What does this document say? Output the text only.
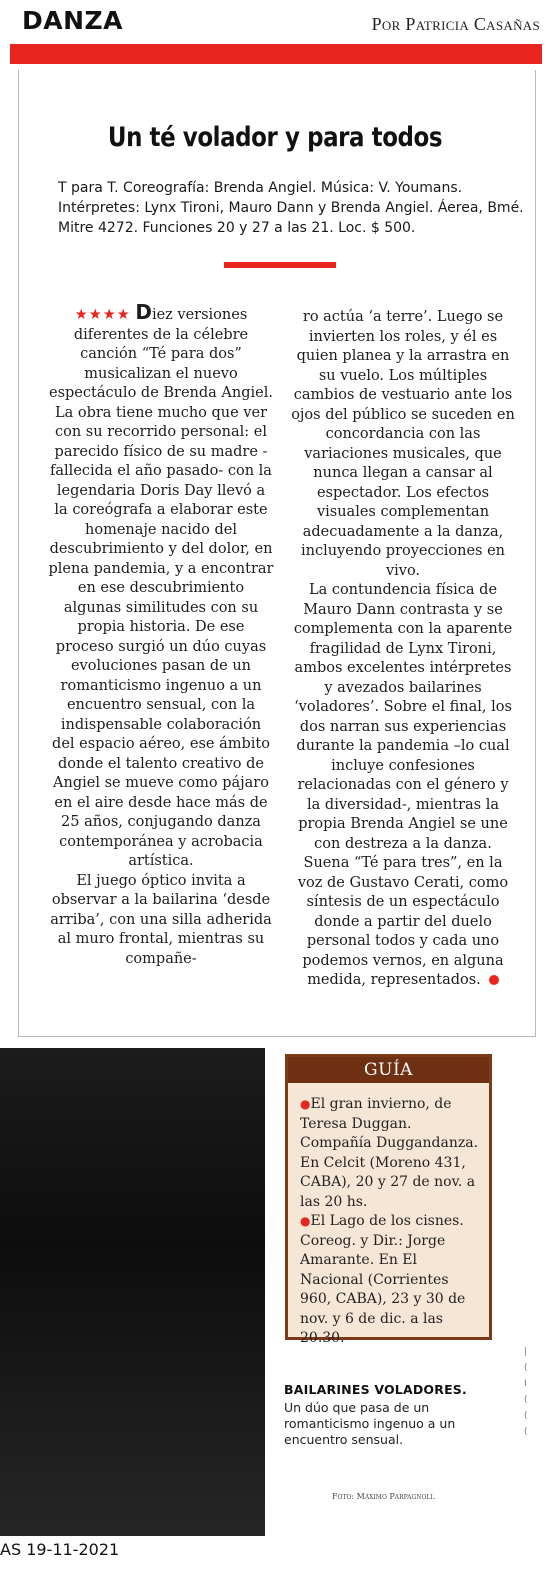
DANZA	Por Patricia Casañas
Un té volador y para todos
T para T. Coreografía: Brenda Angiel. Música: V. Youmans. Intérpretes: Lynx Tironi, Mauro Dann y Brenda Angiel. Áerea, Bmé. Mitre 4272. Funciones 20 y 27 a las 21. Loc. $ 500.

★★★★ Diez versiones diferentes de la célebre canción “Té para dos” musicalizan el nuevo espectáculo de Brenda Angiel. La obra tiene mucho que ver con su recorrido personal: el parecido físico de su madre -fallecida el año pasado- con la legendaria Doris Day llevó a la coreógrafa a elaborar este homenaje nacido del descubrimiento y del dolor, en plena pandemia, y a encontrar en ese descubrimiento algunas similitudes con su propia historia. De ese proceso surgió un dúo cuyas evoluciones pasan de un romanticismo ingenuo a un encuentro sensual, con la indispensable colaboración del espacio aéreo, ese ámbito donde el talento creativo de Angiel se mueve como pájaro en el aire desde hace más de 25 años, conjugando danza contemporánea y acrobacia artística.

El juego óptico invita a observar a la bailarina ‘desde arriba’, con una silla adherida al muro frontal, mientras su compañe-

ro actúa ‘a terre’. Luego se invierten los roles, y él es quien planea y la arrastra en su vuelo. Los múltiples cambios de vestuario ante los ojos del público se suceden en concordancia con las variaciones musicales, que nunca llegan a cansar al espectador. Los efectos visuales complementan adecuadamente a la danza, incluyendo proyecciones en vivo.

La contundencia física de Mauro Dann contrasta y se complementa con la aparente fragilidad de Lynx Tironi, ambos excelentes intérpretes y avezados bailarines ‘voladores’. Sobre el final, los dos narran sus experiencias durante la pandemia –lo cual incluye confesiones relacionadas con el género y la diversidad-, mientras la propia Brenda Angiel se une con destreza a la danza. Suena “Té para tres”, en la voz de Gustavo Cerati, como síntesis de un espectáculo donde a partir del duelo personal todos y cada uno podemos vernos, en alguna medida, representados.

GUÍA

●El gran invierno, de Teresa Duggan. Compañía Duggandanza. En Celcit (Moreno 431, CABA), 20 y 27 de nov. a las 20 hs.

●El Lago de los cisnes. Coreog. y Dir.: Jorge Amarante. En El Nacional (Corrientes 960, CABA), 23 y 30 de nov. y 6 de dic. a las 20.30.

BAILARINES VOLADORES.
Un dúo que pasa de un romanticismo ingenuo a un encuentro sensual.
Foto: Máximo Parpagnoli.
|
(
I
(
(
(
AS 19-11-2021
